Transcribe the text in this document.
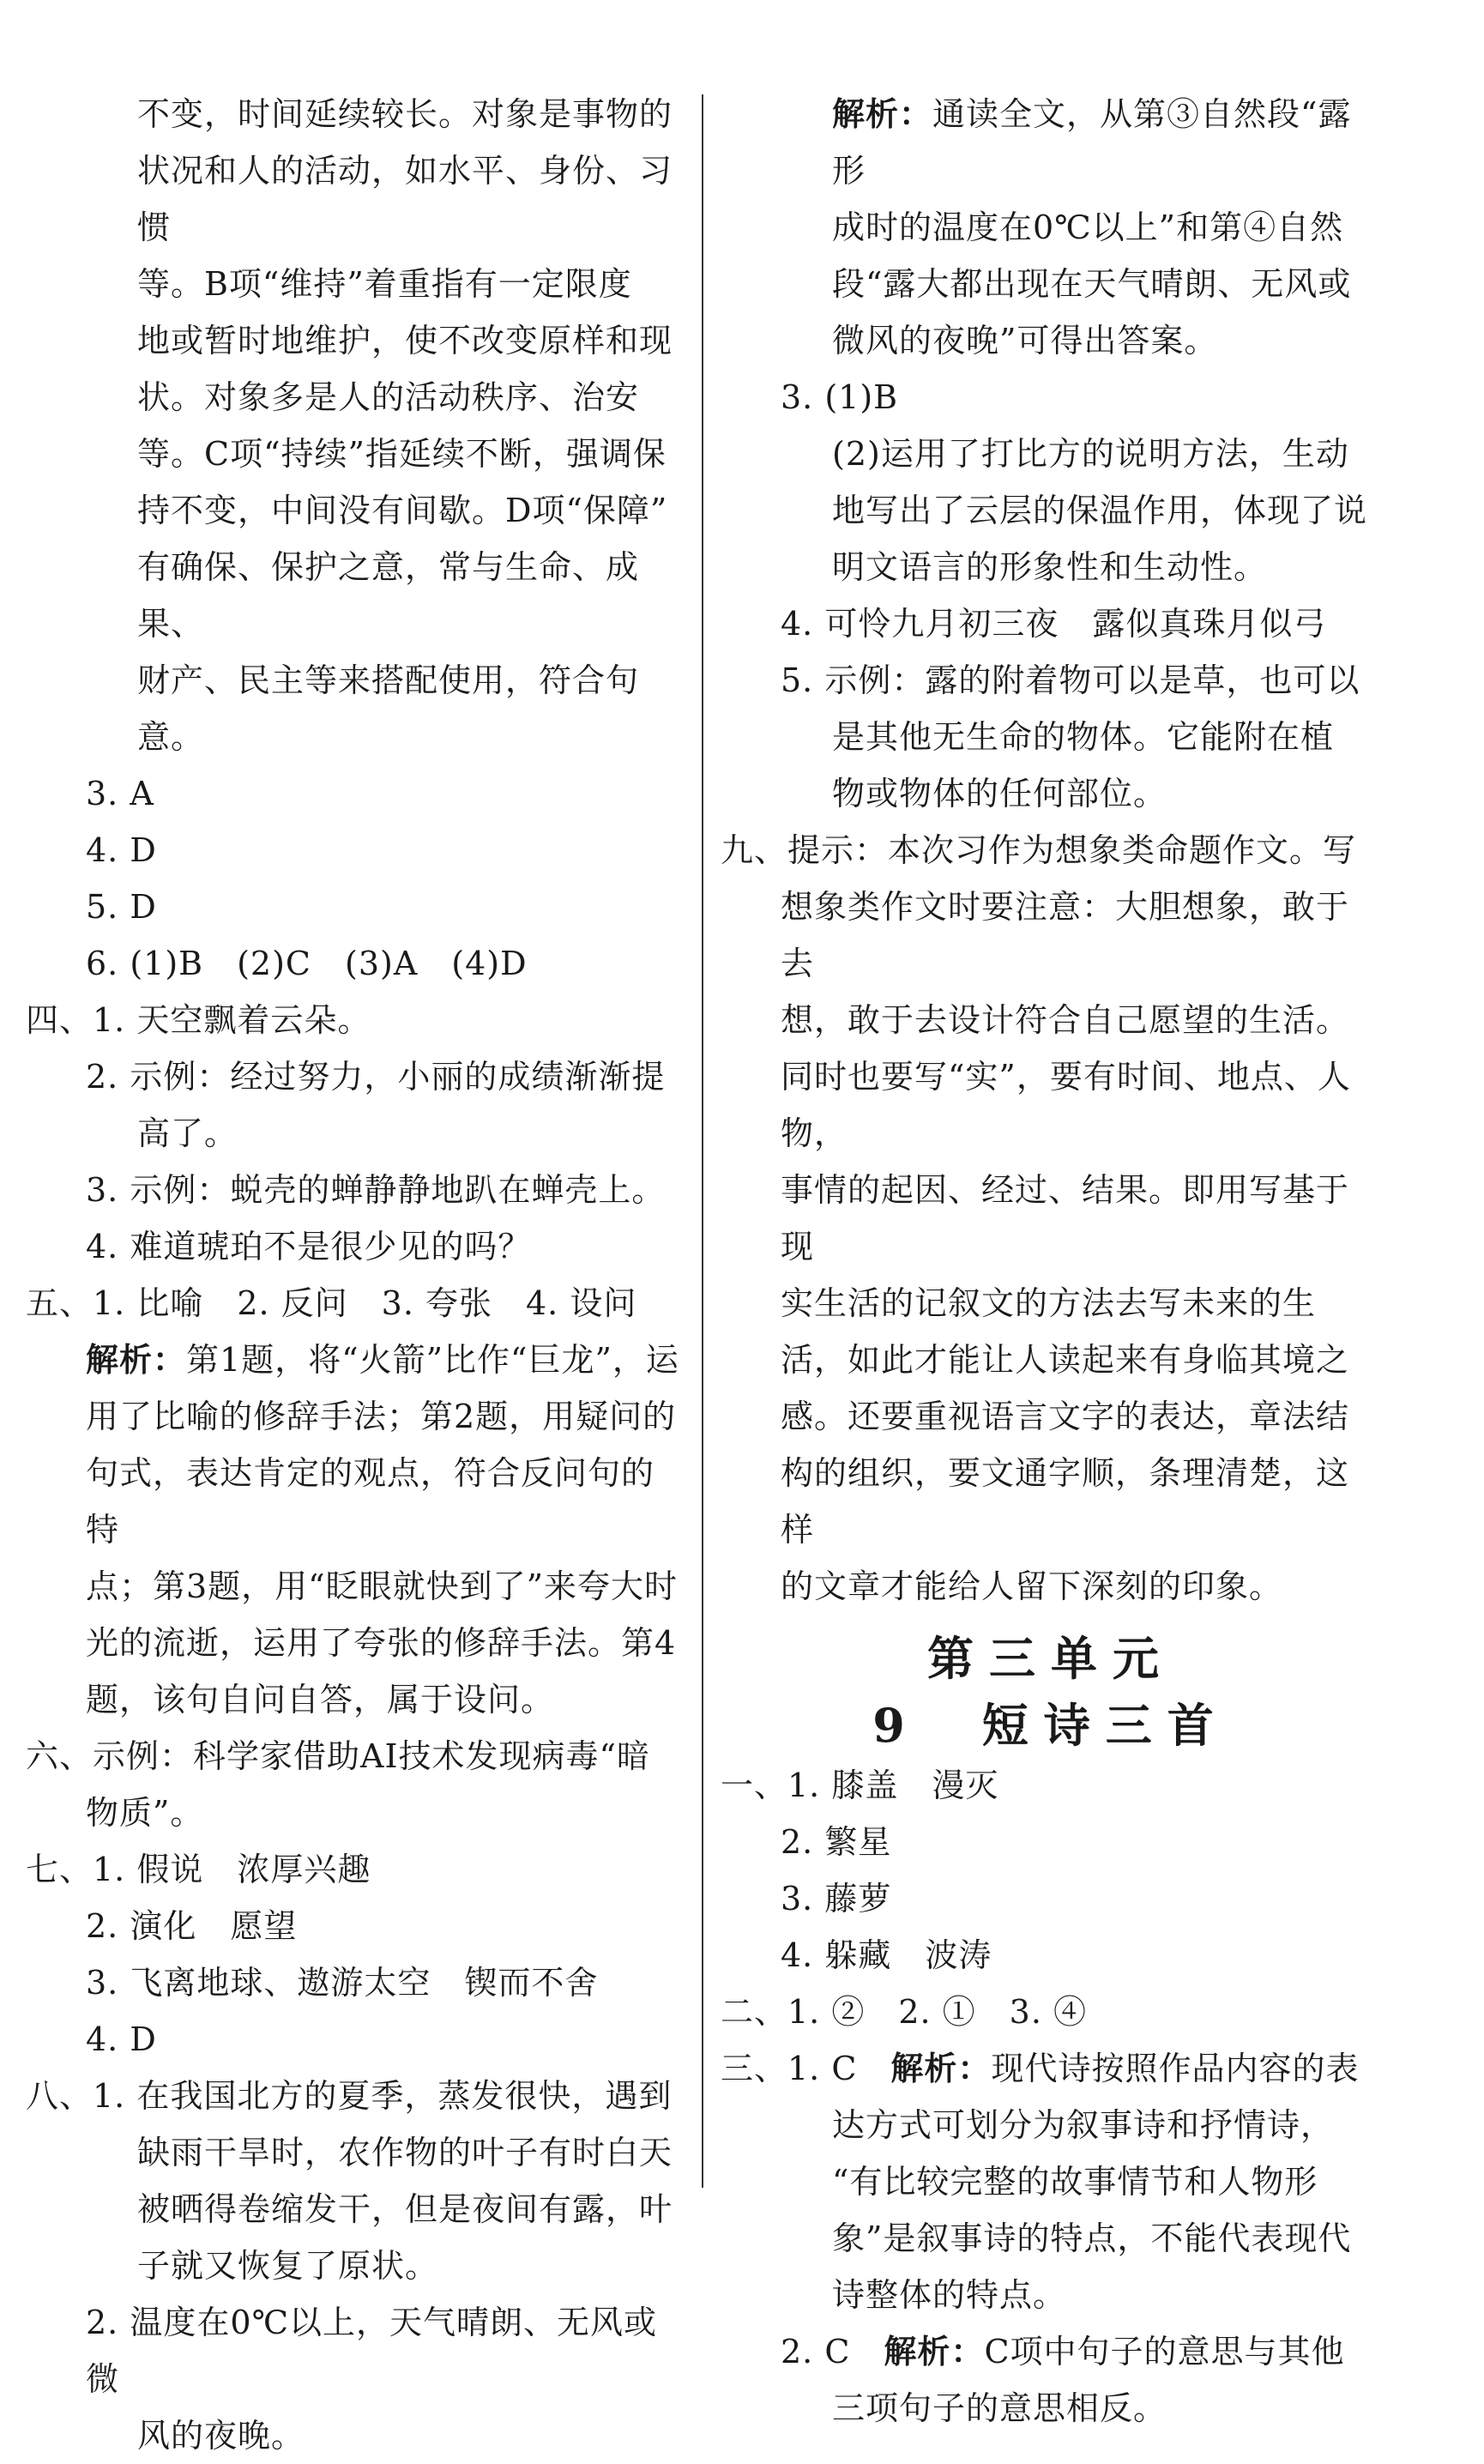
不变，时间延续较长。对象是事物的
状况和人的活动，如水平、身份、习惯
等。B项“维持”着重指有一定限度
地或暂时地维护，使不改变原样和现
状。对象多是人的活动秩序、治安
等。C项“持续”指延续不断，强调保
持不变，中间没有间歇。D项“保障”
有确保、保护之意，常与生命、成果、
财产、民主等来搭配使用，符合句意。
3. A
4. D
5. D
6. (1)B　(2)C　(3)A　(4)D
四、1. 天空飘着云朵。
2. 示例：经过努力，小丽的成绩渐渐提
高了。
3. 示例：蜕壳的蝉静静地趴在蝉壳上。
4. 难道琥珀不是很少见的吗？
五、1. 比喻　2. 反问　3. 夸张　4. 设问
解析：第1题，将“火箭”比作“巨龙”，运
用了比喻的修辞手法；第2题，用疑问的
句式，表达肯定的观点，符合反问句的特
点；第3题，用“眨眼就快到了”来夸大时
光的流逝，运用了夸张的修辞手法。第4
题，该句自问自答，属于设问。
六、示例：科学家借助AI技术发现病毒“暗
物质”。
七、1. 假说　浓厚兴趣
2. 演化　愿望
3. 飞离地球、遨游太空　锲而不舍
4. D
八、1. 在我国北方的夏季，蒸发很快，遇到
缺雨干旱时，农作物的叶子有时白天
被晒得卷缩发干，但是夜间有露，叶
子就又恢复了原状。
2. 温度在0℃以上，天气晴朗、无风或微
风的夜晚。
解析：通读全文，从第③自然段“露形
成时的温度在0℃以上”和第④自然
段“露大都出现在天气晴朗、无风或
微风的夜晚”可得出答案。
3. (1)B
(2)运用了打比方的说明方法，生动
地写出了云层的保温作用，体现了说
明文语言的形象性和生动性。
4. 可怜九月初三夜　露似真珠月似弓
5. 示例：露的附着物可以是草，也可以
是其他无生命的物体。它能附在植
物或物体的任何部位。
九、提示：本次习作为想象类命题作文。写
想象类作文时要注意：大胆想象，敢于去
想，敢于去设计符合自己愿望的生活。
同时也要写“实”，要有时间、地点、人物，
事情的起因、经过、结果。即用写基于现
实生活的记叙文的方法去写未来的生
活，如此才能让人读起来有身临其境之
感。还要重视语言文字的表达，章法结
构的组织，要文通字顺，条理清楚，这样
的文章才能给人留下深刻的印象。
第三单元
9　短诗三首
一、1. 膝盖　漫灭
2. 繁星
3. 藤萝
4. 躲藏　波涛
二、1. ②　2. ①　3. ④
三、1. C　解析：现代诗按照作品内容的表
达方式可划分为叙事诗和抒情诗，
“有比较完整的故事情节和人物形
象”是叙事诗的特点，不能代表现代
诗整体的特点。
2. C　解析：C项中句子的意思与其他
三项句子的意思相反。
